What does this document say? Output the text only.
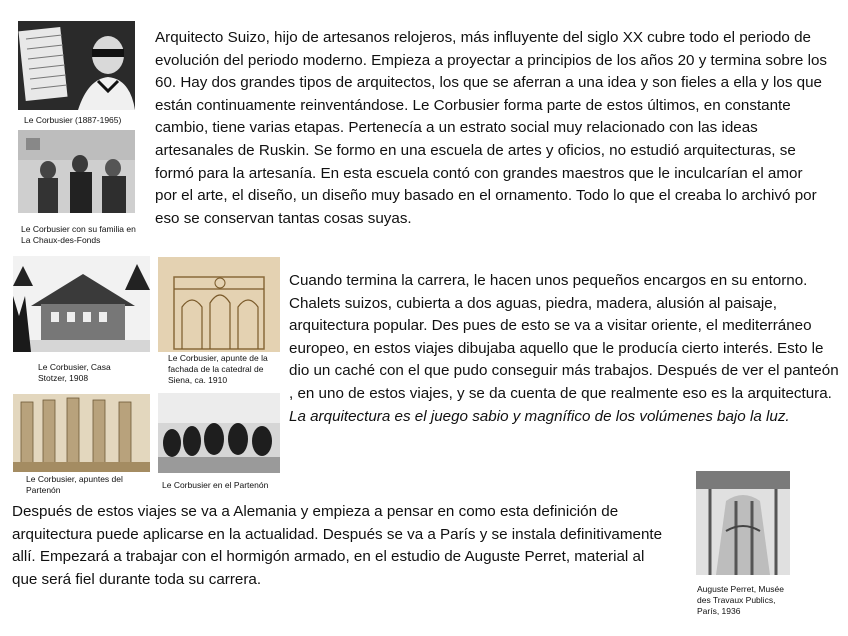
Le Corbusier (1887-1965)
Le Corbusier con su familia en La Chaux-des-Fonds
Le Corbusier, Casa Stotzer, 1908
Le Corbusier, apunte de la fachada de la catedral de Siena, ca. 1910
Le Corbusier, apuntes del Partenón	Le Corbusier en el Partenón
Auguste Perret, Musée des Travaux Publics, París, 1936

Arquitecto Suizo, hijo de artesanos relojeros, más influyente del siglo XX cubre todo el periodo de evolución del periodo moderno. Empieza a proyectar a principios de los años 20 y termina sobre los 60. Hay dos grandes tipos de arquitectos, los que se aferran a una idea y son fieles a ella y los que están continuamente reinventándose. Le Corbusier forma parte de estos últimos, en constante cambio, tiene varias etapas. Pertenecía a un estrato social muy relacionado con las ideas artesanales de Ruskin. Se formo en una escuela de artes y oficios, no estudió arquitecturas, se formó para la artesanía. En esta escuela contó con grandes maestros que le inculcarían el amor por el arte, el diseño, un diseño muy basado en el ornamento. Todo lo que el creaba lo archivó por eso se conservan tantas cosas suyas.

Cuando termina la carrera, le hacen unos pequeños encargos en su entorno. Chalets suizos, cubierta a dos aguas, piedra, madera, alusión al paisaje, arquitectura popular. Des pues de esto se va a visitar oriente, el mediterráneo europeo, en estos viajes dibujaba aquello que le producía cierto interés. Esto le dio un caché con el que pudo conseguir más trabajos. Después de ver el panteón , en uno de estos viajes, y se da cuenta de que realmente eso es la arquitectura.
La arquitectura es el juego sabio y magnífico de los volúmenes bajo la luz.

Después de estos viajes se va a Alemania y empieza a pensar en como esta definición de arquitectura puede aplicarse en la actualidad. Después se va a París y se instala definitivamente allí. Empezará a trabajar con el hormigón armado, en el estudio de Auguste Perret, material al que será fiel durante toda su carrera.
